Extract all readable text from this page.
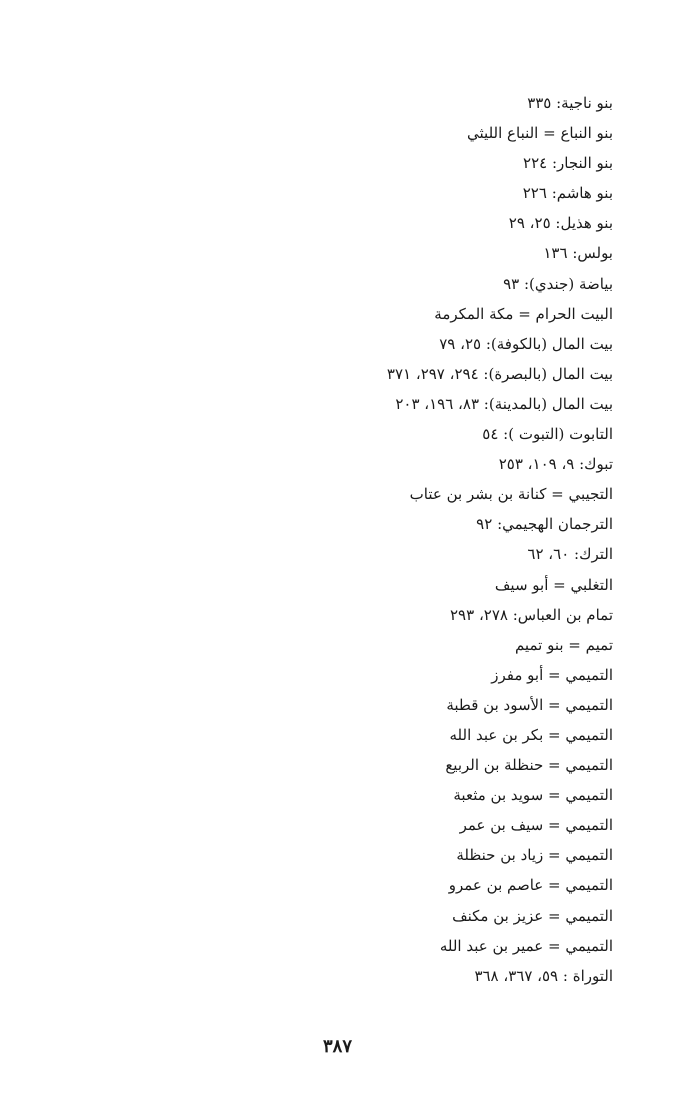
بنو ناجية: ٣٣٥
بنو النباع = النباع الليثي
بنو النجار: ٢٢٤
بنو هاشم: ٢٢٦
بنو هذيل: ٢٥، ٢٩
بولس: ١٣٦
بياضة (جندي): ٩٣
البيت الحرام = مكة المكرمة
بيت المال (بالكوفة): ٢٥، ٧٩
بيت المال (بالبصرة): ٢٩٤، ٢٩٧، ٣٧١
بيت المال (بالمدينة): ٨٣، ١٩٦، ٢٠٣
التابوت (التبوت ): ٥٤
تبوك: ٩، ١٠٩، ٢٥٣
التجيبي = كنانة بن بشر بن عتاب
الترجمان الهجيمي: ٩٢
الترك: ٦٠، ٦٢
التغلبي = أبو سيف
تمام بن العباس: ٢٧٨، ٢٩٣
تميم = بنو تميم
التميمي = أبو مفرز
التميمي = الأسود بن قطبة
التميمي = بكر بن عبد الله
التميمي = حنظلة بن الربيع
التميمي = سويد بن مثعبة
التميمي = سيف بن عمر
التميمي = زياد بن حنظلة
التميمي = عاصم بن عمرو
التميمي = عزيز بن مكنف
التميمي = عمير بن عبد الله
التوراة : ٥٩، ٣٦٧، ٣٦٨
٣٨٧
